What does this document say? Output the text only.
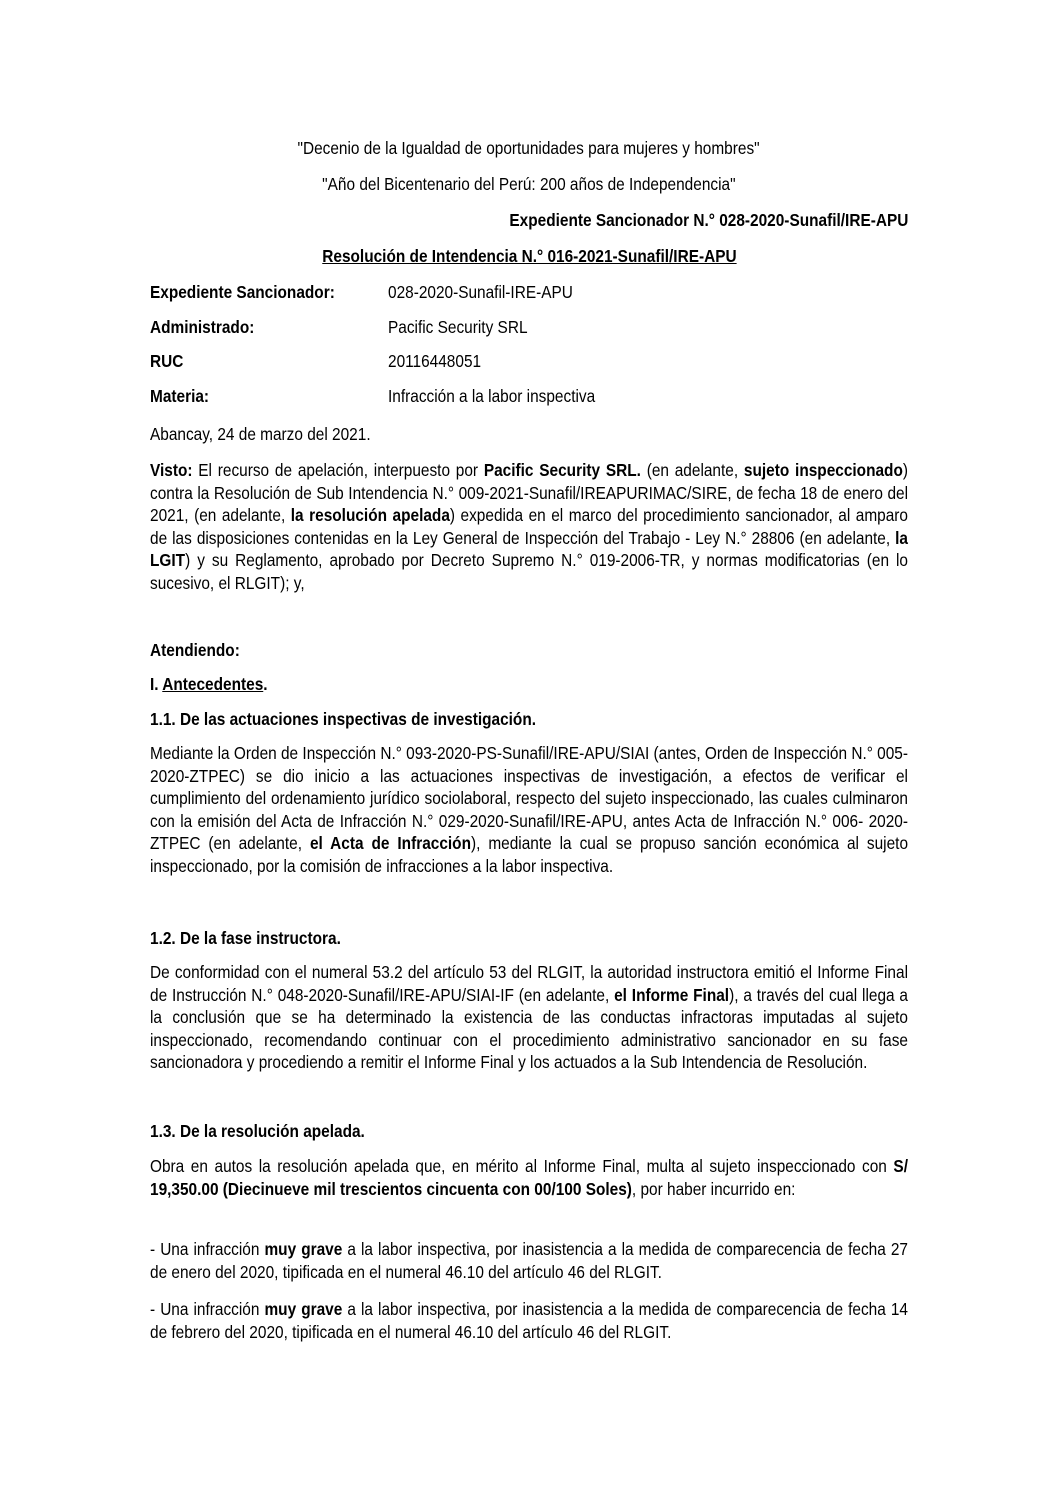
"Decenio de la Igualdad de oportunidades para mujeres y hombres"
"Año del Bicentenario del Perú: 200 años de Independencia"
Expediente Sancionador N.° 028-2020-Sunafil/IRE-APU
Resolución de Intendencia N.° 016-2021-Sunafil/IRE-APU
Expediente Sancionador:	028-2020-Sunafil-IRE-APU
Administrado:	Pacific Security SRL
RUC	20116448051
Materia:	Infracción a la labor inspectiva
Abancay, 24 de marzo del 2021.
Visto: El recurso de apelación, interpuesto por Pacific Security SRL. (en adelante, sujeto inspeccionado) contra la Resolución de Sub Intendencia N.° 009-2021-Sunafil/IREAPURIMAC/SIRE, de fecha 18 de enero del 2021, (en adelante, la resolución apelada) expedida en el marco del procedimiento sancionador, al amparo de las disposiciones contenidas en la Ley General de Inspección del Trabajo - Ley N.° 28806 (en adelante, la LGIT) y su Reglamento, aprobado por Decreto Supremo N.° 019-2006-TR, y normas modificatorias (en lo sucesivo, el RLGIT); y,
Atendiendo:
I. Antecedentes.
1.1. De las actuaciones inspectivas de investigación.
Mediante la Orden de Inspección N.° 093-2020-PS-Sunafil/IRE-APU/SIAI (antes, Orden de Inspección N.° 005-2020-ZTPEC) se dio inicio a las actuaciones inspectivas de investigación, a efectos de verificar el cumplimiento del ordenamiento jurídico sociolaboral, respecto del sujeto inspeccionado, las cuales culminaron con la emisión del Acta de Infracción N.° 029-2020-Sunafil/IRE-APU, antes Acta de Infracción N.° 006- 2020-ZTPEC (en adelante, el Acta de Infracción), mediante la cual se propuso sanción económica al sujeto inspeccionado, por la comisión de infracciones a la labor inspectiva.
1.2. De la fase instructora.
De conformidad con el numeral 53.2 del artículo 53 del RLGIT, la autoridad instructora emitió el Informe Final de Instrucción N.° 048-2020-Sunafil/IRE-APU/SIAI-IF (en adelante, el Informe Final), a través del cual llega a la conclusión que se ha determinado la existencia de las conductas infractoras imputadas al sujeto inspeccionado, recomendando continuar con el procedimiento administrativo sancionador en su fase sancionadora y procediendo a remitir el Informe Final y los actuados a la Sub Intendencia de Resolución.
1.3. De la resolución apelada.
Obra en autos la resolución apelada que, en mérito al Informe Final, multa al sujeto inspeccionado con S/ 19,350.00 (Diecinueve mil trescientos cincuenta con 00/100 Soles), por haber incurrido en:
- Una infracción muy grave a la labor inspectiva, por inasistencia a la medida de comparecencia de fecha 27 de enero del 2020, tipificada en el numeral 46.10 del artículo 46 del RLGIT.
- Una infracción muy grave a la labor inspectiva, por inasistencia a la medida de comparecencia de fecha 14 de febrero del 2020, tipificada en el numeral 46.10 del artículo 46 del RLGIT.
